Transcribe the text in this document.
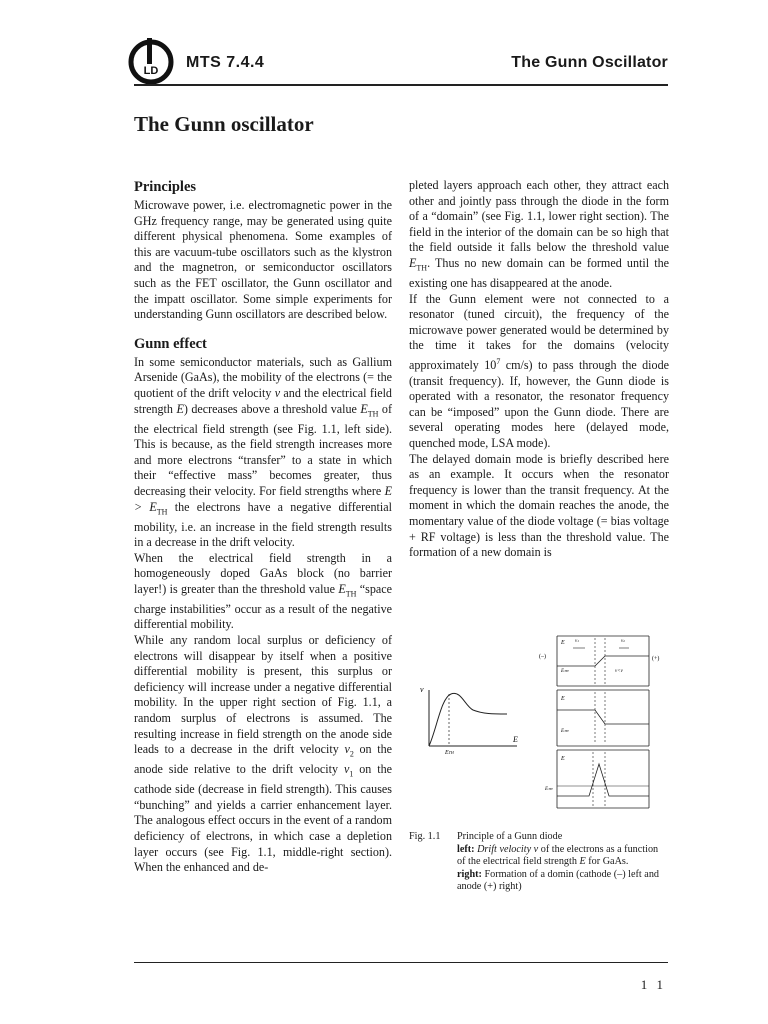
LD MTS 7.4.4	The Gunn Oscillator
The Gunn oscillator
Principles

Microwave power, i.e. electromagnetic power in the GHz frequency range, may be generated using quite different physical phenomena. Some examples of this are vacuum-tube oscillators such as the klystron and the magnetron, or semiconductor oscillators such as the FET oscillator, the Gunn oscillator and the impatt oscillator. Some simple experiments for understanding Gunn oscillators are described below.

Gunn effect

In some semiconductor materials, such as Gallium Arsenide (GaAs), the mobility of the electrons (= the quotient of the drift velocity v and the electrical field strength E) decreases above a threshold value $E_{TH}$ of the electrical field strength (see Fig. 1.1, left side). This is because, as the field strength increases more and more electrons “transfer” to a state in which their “effective mass” becomes greater, thus decreasing their velocity. For field strengths where $E > E_{TH}$ the electrons have a negative differential mobility, i.e. an increase in the field strength results in a decrease in the drift velocity.

When the electrical field strength in a homogeneously doped GaAs block (no barrier layer!) is greater than the threshold value $E_{TH}$ “space charge instabilities” occur as a result of the negative differential mobility.

While any random local surplus or deficiency of electrons will disappear by itself when a positive differential mobility is present, this surplus or deficiency will increase under a negative differential mobility. In the upper right section of Fig. 1.1, a random surplus of electrons is assumed. The resulting increase in field strength on the anode side leads to a decrease in the drift velocity $v_2$ on the anode side relative to the drift velocity $v_1$ on the cathode side (decrease in field strength). This causes “bunching” and yields a carrier enhancement layer. The analogous effect occurs in the event of a random deficiency of electrons, in which case a depletion layer occurs (see Fig. 1.1, middle-right section). When the enhanced and de-

pleted layers approach each other, they attract each other and jointly pass through the diode in the form of a “domain” (see Fig. 1.1, lower right section). The field in the interior of the domain can be so high that the field outside it falls below the threshold value $E_{TH}$. Thus no new domain can be formed until the existing one has disappeared at the anode.

If the Gunn element were not connected to a resonator (tuned circuit), the frequency of the microwave power generated would be determined by the time it takes for the domains (velocity approximately $10^7$ cm/s) to pass through the diode (transit frequency). If, however, the Gunn diode is operated with a resonator, the resonator frequency can be “imposed” upon the Gunn diode. There are several operating modes here (delayed mode, quenched mode, LSA mode).

The delayed domain mode is briefly described here as an example. It occurs when the resonator frequency is lower than the transit frequency. At the moment in which the domain reaches the anode, the momentary value of the diode voltage (= bias voltage + RF voltage) is less than the threshold value. The formation of a new domain is

v
E
ETH
E
(–)	(+)
v1	v2
v<v
ETH
E
ETH
E
ETH
Fig. 1.1 Principle of a Gunn diode
left: Drift velocity v of the electrons as a function of the electrical field strength E for GaAs.
right: Formation of a domin (cathode (–) left and anode (+) right)
1 1
